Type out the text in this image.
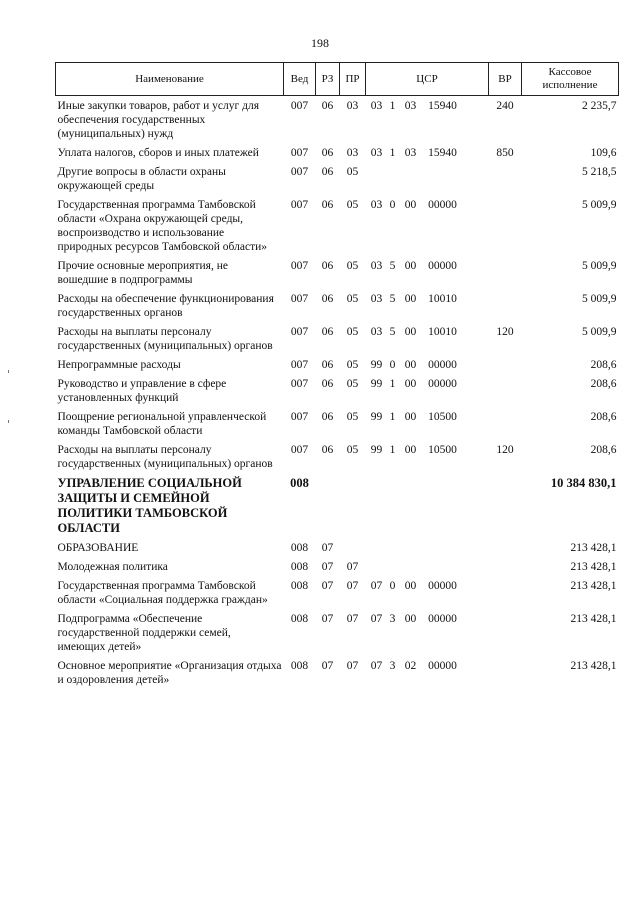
198
Наименование	Вед	РЗ	ПР	ЦСР	ВР	Кассовое исполнение
Иные закупки товаров, работ и услуг для обеспечения государственных (муниципальных) нужд	007	06	03	03 1 03 15940	240	2 235,7
Уплата налогов, сборов и иных платежей	007	06	03	03 1 03 15940	850	109,6
Другие вопросы в области охраны окружающей среды	007	06	05			5 218,5
Государственная программа Тамбовской области «Охрана окружающей среды, воспроизводство и использование природных ресурсов Тамбовской области»	007	06	05	03 0 00 00000		5 009,9
Прочие основные мероприятия, не вошедшие в подпрограммы	007	06	05	03 5 00 00000		5 009,9
Расходы на обеспечение функционирования государственных органов	007	06	05	03 5 00 10010		5 009,9
Расходы на выплаты персоналу государственных (муниципальных) органов	007	06	05	03 5 00 10010	120	5 009,9
Непрограммные расходы	007	06	05	99 0 00 00000		208,6
Руководство и управление в сфере установленных функций	007	06	05	99 1 00 00000		208,6
Поощрение региональной управленческой команды Тамбовской области	007	06	05	99 1 00 10500		208,6
Расходы на выплаты персоналу государственных (муниципальных) органов	007	06	05	99 1 00 10500	120	208,6
УПРАВЛЕНИЕ СОЦИАЛЬНОЙ ЗАЩИТЫ И СЕМЕЙНОЙ ПОЛИТИКИ ТАМБОВСКОЙ ОБЛАСТИ	008					10 384 830,1
ОБРАЗОВАНИЕ	008	07				213 428,1
Молодежная политика	008	07	07			213 428,1
Государственная программа Тамбовской области «Социальная поддержка граждан»	008	07	07	07 0 00 00000		213 428,1
Подпрограмма «Обеспечение государственной поддержки семей, имеющих детей»	008	07	07	07 3 00 00000		213 428,1
Основное мероприятие «Организация отдыха и оздоровления детей»	008	07	07	07 3 02 00000		213 428,1
